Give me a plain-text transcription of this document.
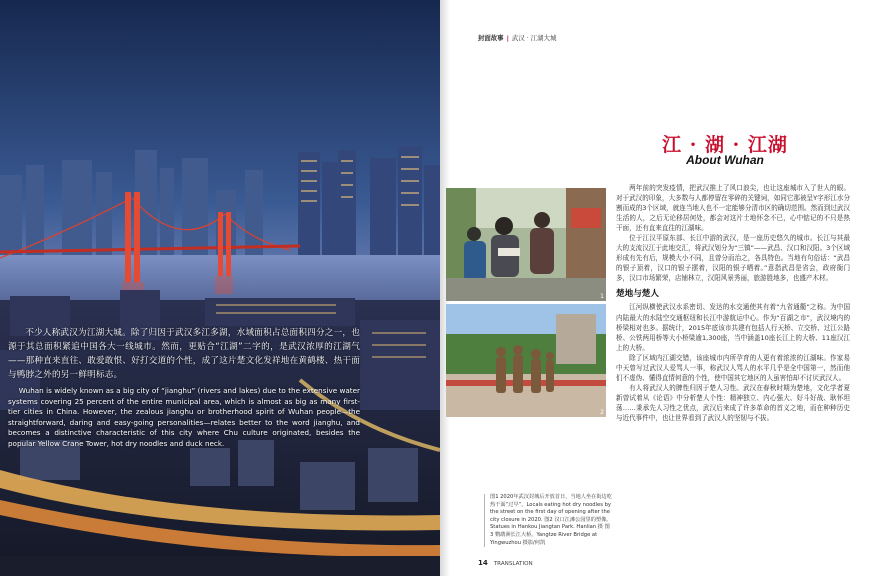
不少人称武汉为江湖大城。除了归因于武汉多江多湖，水域面积占总面积四分之一，也源于其总面积紧追中国各大一线城市。然而，更贴合“江湖”二字的，是武汉浓厚的江湖气——那种直来直往、敢爱敢恨、好打交道的个性，成了这片楚文化发祥地在黄鹤楼、热干面与鸭脖之外的另一鲜明标志。

Wuhan is widely known as a big city of “jianghu” (rivers and lakes) due to the extensive water systems covering 25 percent of the entire municipal area, which is almost as big as many first-tier cities in China. However, the zealous jianghu or brotherhood spirit of Wuhan people—the straightforward, daring and easy-going personalities—relates better to the word jianghu, and becomes a distinctive characteristic of this city where Chu culture originated, besides the popular Yellow Crane Tower, hot dry noodles and duck neck.

封面故事 | 武汉 · 江湖大城
江 · 湖 · 江湖
About Wuhan
1
2
图1 2020年武汉封城后开放首日，当地人坐在街边吃热干面“过早”。Locals eating hot dry noodles by the street on the first day of opening after the city closure in 2020. 图2 汉口江滩公园里的塑像。Statues in Hankou Jiangtan Park. Hanlian 摄 图3 鹦鹉洲长江大桥。Yangtze River Bridge at Yingwuzhou 摄影/何凯

两年前的突发疫情，把武汉推上了风口浪尖，也让这座城市入了世人的眼。对于武汉的印象，大多数与人都停留在零碎的关键词，如同它那被呈Y字形江水分割而成的3个区域，就连当地人也不一定能够分清市区的确切范围。然而到过武汉生活的人，之后无论移居何处，都会对这片土地怀念不已，心中惦记的不只是热干面，还有直来直往的江湖味。

位于江汉平原东部、长江中游的武汉，是一座历史悠久的城市。长江与其最大的支流汉江于此地交汇，将武汉划分为“三镇”——武昌、汉口和汉阳。3个区域形成有先有后，规模大小不同，且曾分而治之，各具特色。当地有句俗话：“武昌的银子顶着，汉口的银子摆着，汉阳的银子晒着。”意指武昌是省会，政府衙门多，汉口市场繁荣，店铺林立，汉阳风景秀丽，旅游胜地多，也盛产木材。

楚地与楚人

江河纵横使武汉水系密切、发达的水交通使其有着“九省通衢”之称。为中国内陆最大的水陆空交通枢纽和长江中游航运中心。作为“百湖之市”，武汉境内的桥梁相对也多。据统计，2015年底该市共建有包括人行天桥、立交桥、过江公路桥、公铁两用桥等大小桥梁逾1,300座，当中涵盖10座长江上的大桥、11座汉江上的大桥。

除了区域内江湖交错，该座城市内所孕育的人更有着浓浓的江湖味。作家易中天曾写过武汉人爱骂人一事，称武汉人骂人的水平几乎是全中国第一，然而他们不虚伪、懂得直情何意的个性，使中国其它地区的人虽害怕却不讨厌武汉人。

有人将武汉人的脾性归因于楚人习性。武汉在春秋时期为楚地，文化学者夏新曾试着从《论语》中分析楚人个性：精神独立、内心强大、好斗好战、耿怀坦荡……秉承先人习性之优点，武汉后来成了许多革命的首义之地，而在种种历史与近代事件中，也让世界看到了武汉人的坚韧与不拔。

14 TRANSLATION
